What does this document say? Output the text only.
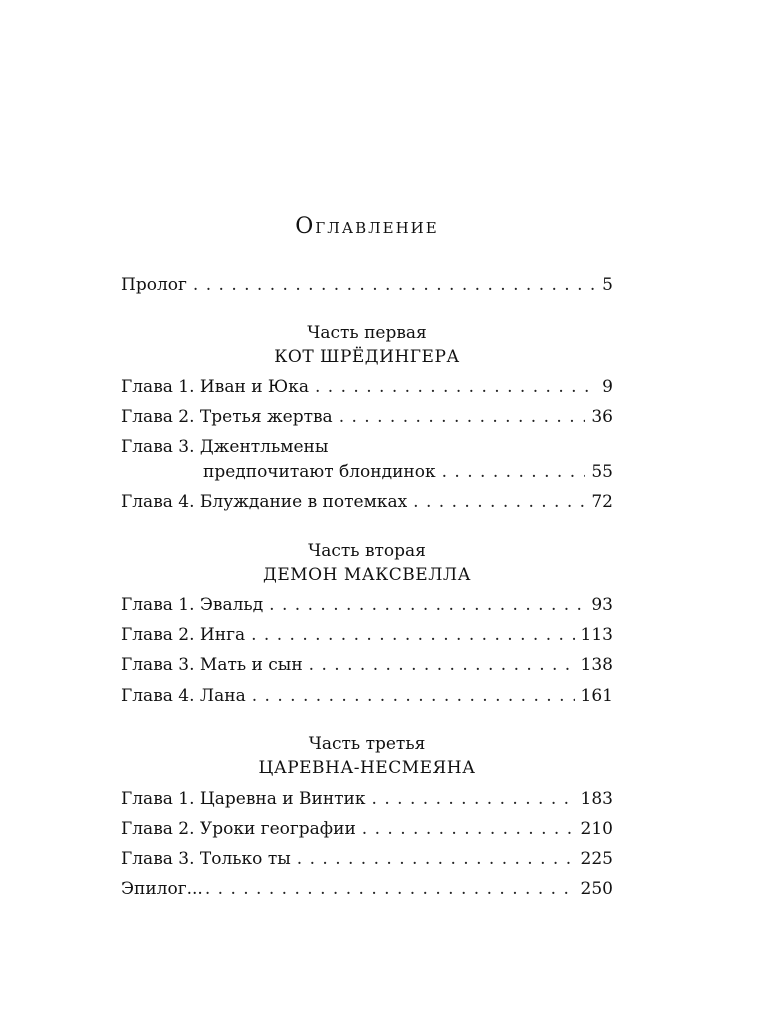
Оглавление
Пролог . . .	5
Часть первая
КОТ ШРЁДИНГЕРА
Глава 1. Иван и Юка . . .	9
Глава 2. Третья жертва . . .	36
Глава 3. Джентльмены
предпочитают блондинок . . .	55
Глава 4. Блуждание в потемках . . .	72
Часть вторая
ДЕМОН МАКСВЕЛЛА
Глава 1. Эвальд . . .	93
Глава 2. Инга . . .	113
Глава 3. Мать и сын . . .	138
Глава 4. Лана . . .	161
Часть третья
ЦАРЕВНА-НЕСМЕЯНА
Глава 1. Царевна и Винтик . . .	183
Глава 2. Уроки географии . . .	210
Глава 3. Только ты . . .	225
Эпилог... . . .	250
